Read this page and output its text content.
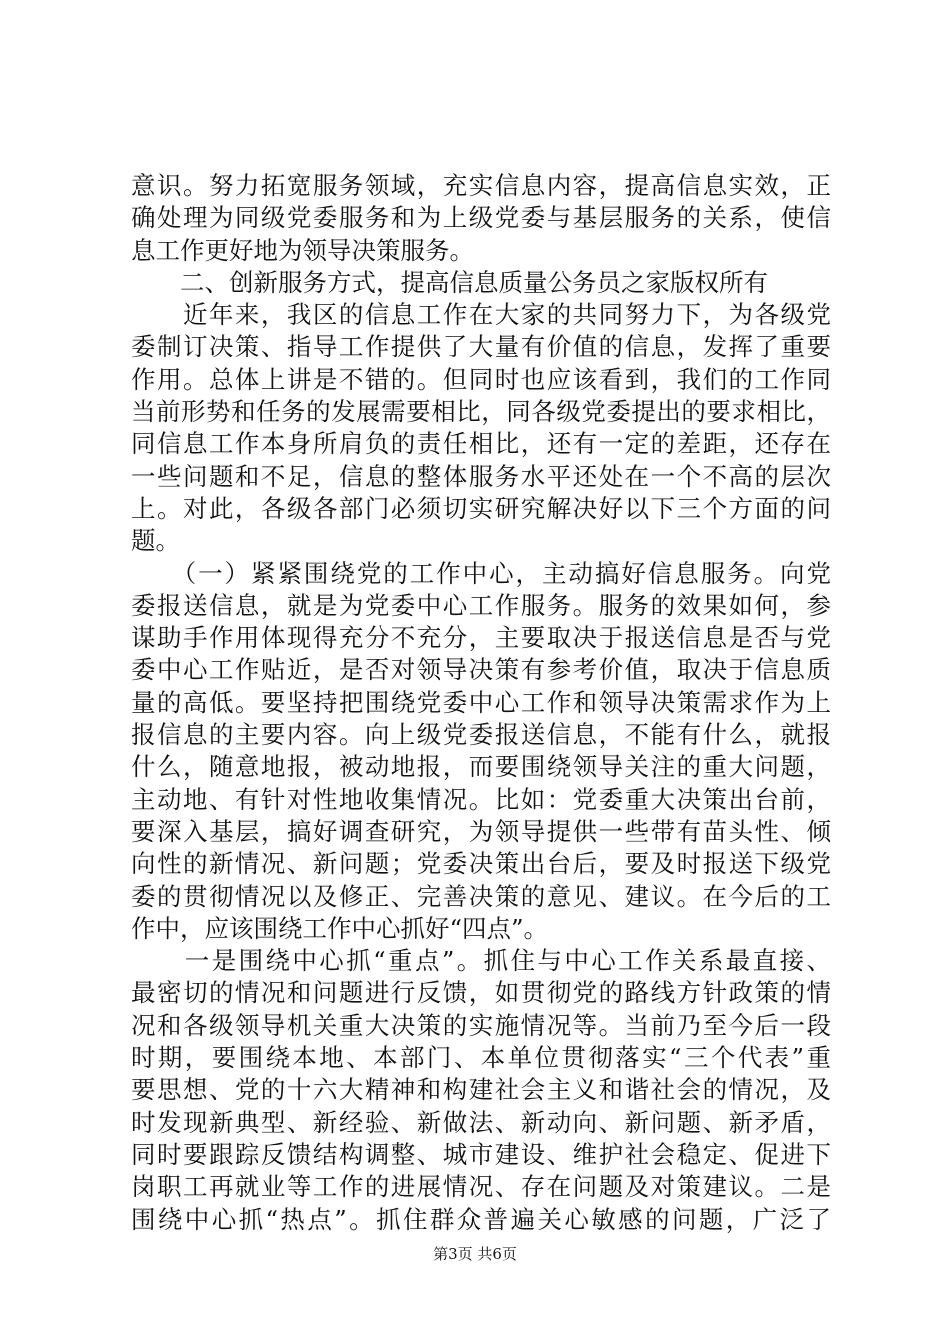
意识。努力拓宽服务领域，充实信息内容，提高信息实效，正
确处理为同级党委服务和为上级党委与基层服务的关系，使信
息工作更好地为领导决策服务。
　　二、创新服务方式，提高信息质量公务员之家版权所有
　　近年来，我区的信息工作在大家的共同努力下，为各级党
委制订决策、指导工作提供了大量有价值的信息，发挥了重要
作用。总体上讲是不错的。但同时也应该看到，我们的工作同
当前形势和任务的发展需要相比，同各级党委提出的要求相比，
同信息工作本身所肩负的责任相比，还有一定的差距，还存在
一些问题和不足，信息的整体服务水平还处在一个不高的层次
上。对此，各级各部门必须切实研究解决好以下三个方面的问
题。
　　（一）紧紧围绕党的工作中心，主动搞好信息服务。向党
委报送信息，就是为党委中心工作服务。服务的效果如何，参
谋助手作用体现得充分不充分，主要取决于报送信息是否与党
委中心工作贴近，是否对领导决策有参考价值，取决于信息质
量的高低。要坚持把围绕党委中心工作和领导决策需求作为上
报信息的主要内容。向上级党委报送信息，不能有什么，就报
什么，随意地报，被动地报，而要围绕领导关注的重大问题，
主动地、有针对性地收集情况。比如：党委重大决策出台前，
要深入基层，搞好调查研究，为领导提供一些带有苗头性、倾
向性的新情况、新问题；党委决策出台后，要及时报送下级党
委的贯彻情况以及修正、完善决策的意见、建议。在今后的工
作中，应该围绕工作中心抓好“四点”。
　　一是围绕中心抓“重点”。抓住与中心工作关系最直接、
最密切的情况和问题进行反馈，如贯彻党的路线方针政策的情
况和各级领导机关重大决策的实施情况等。当前乃至今后一段
时期，要围绕本地、本部门、本单位贯彻落实“三个代表”重
要思想、党的十六大精神和构建社会主义和谐社会的情况，及
时发现新典型、新经验、新做法、新动向、新问题、新矛盾，
同时要跟踪反馈结构调整、城市建设、维护社会稳定、促进下
岗职工再就业等工作的进展情况、存在问题及对策建议。二是
围绕中心抓“热点”。抓住群众普遍关心敏感的问题，广泛了
第3页 共6页
